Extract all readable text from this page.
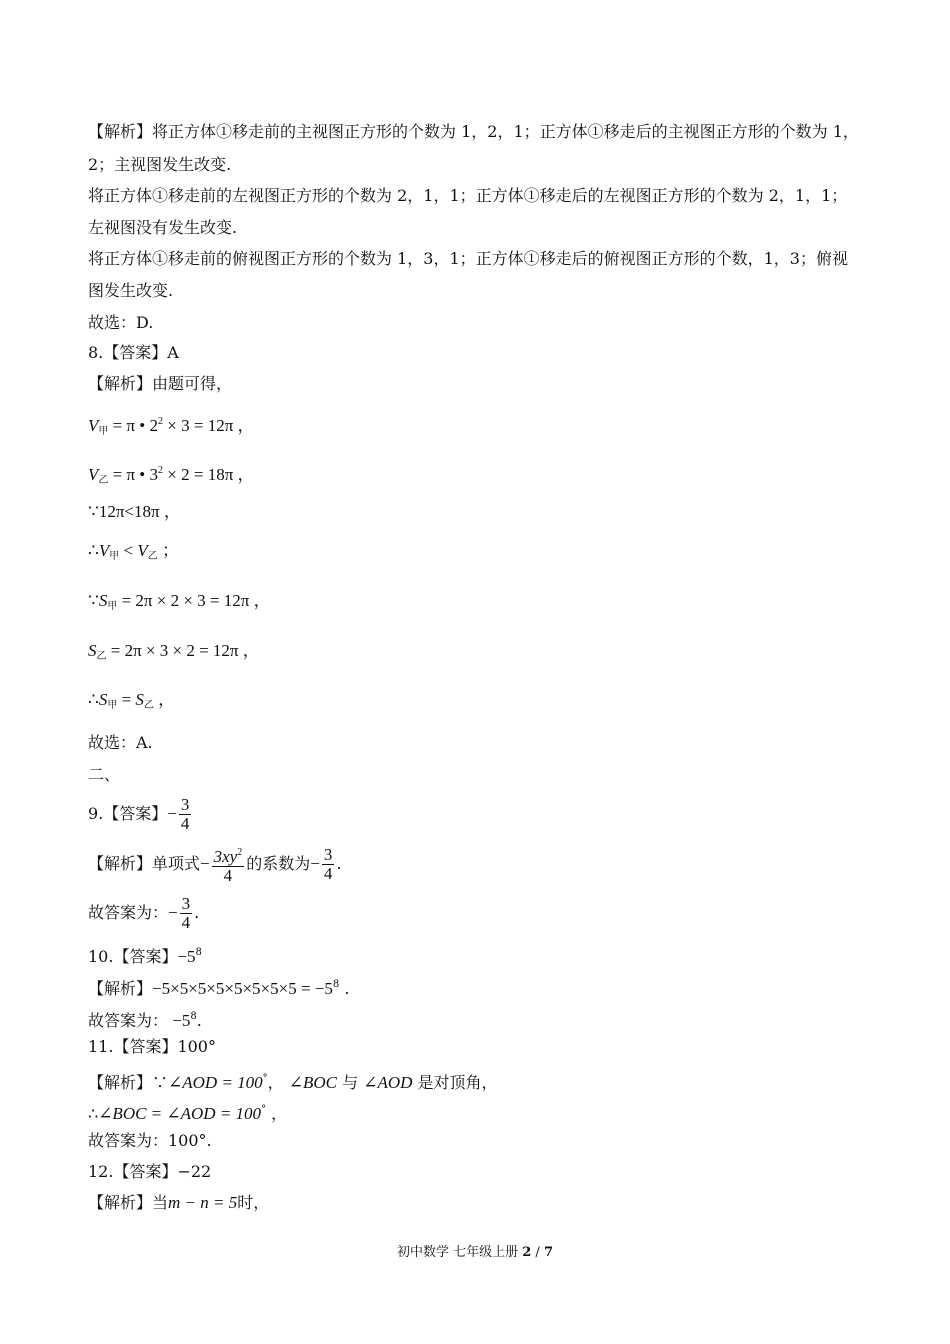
【解析】将正方体①移走前的主视图正方形的个数为 1，2，1；正方体①移走后的主视图正方形的个数为 1，
2；主视图发生改变.
将正方体①移走前的左视图正方形的个数为 2，1，1；正方体①移走后的左视图正方形的个数为 2，1，1；
左视图没有发生改变.
将正方体①移走前的俯视图正方形的个数为 1，3，1；正方体①移走后的俯视图正方形的个数，1，3；俯视
图发生改变.
故选：D.
8.【答案】A
【解析】由题可得，
$V_甲 = \pi$ • $2^2 \times 3 = 12\pi$ ，
$V_乙 = \pi$ • $3^2 \times 2 = 18\pi$ ，
∵12π<18π ，
$\therefore V_甲 < V_乙$ ；
$\because S_甲 = 2\pi \times 2 \times 3 = 12\pi$ ，
$S_乙 = 2\pi \times 3 \times 2 = 12\pi$ ，
$\therefore S_甲 = S_乙$ ，
故选：A.
二、
9.【答案】 − $\frac{3}{4}$
【解析】单项式 − $\frac{3xy^2}{4}$ 的系数为 − $\frac{3}{4}$ .
故答案为： − $\frac{3}{4}$ .
10.【答案】$-5^8$
【解析】$-5\times 5\times 5\times 5\times 5\times 5\times 5\times 5 = -5^8$ .
故答案为： $-5^8$.
11.【答案】100°
【解析】∵∠AOD = 100°， ∠BOC 与 ∠AOD 是对顶角，
∴∠BOC = ∠AOD = 100° ，
故答案为：100°.
12.【答案】−22
【解析】当m − n = 5时，
初中数学 七年级上册 2 / 7
